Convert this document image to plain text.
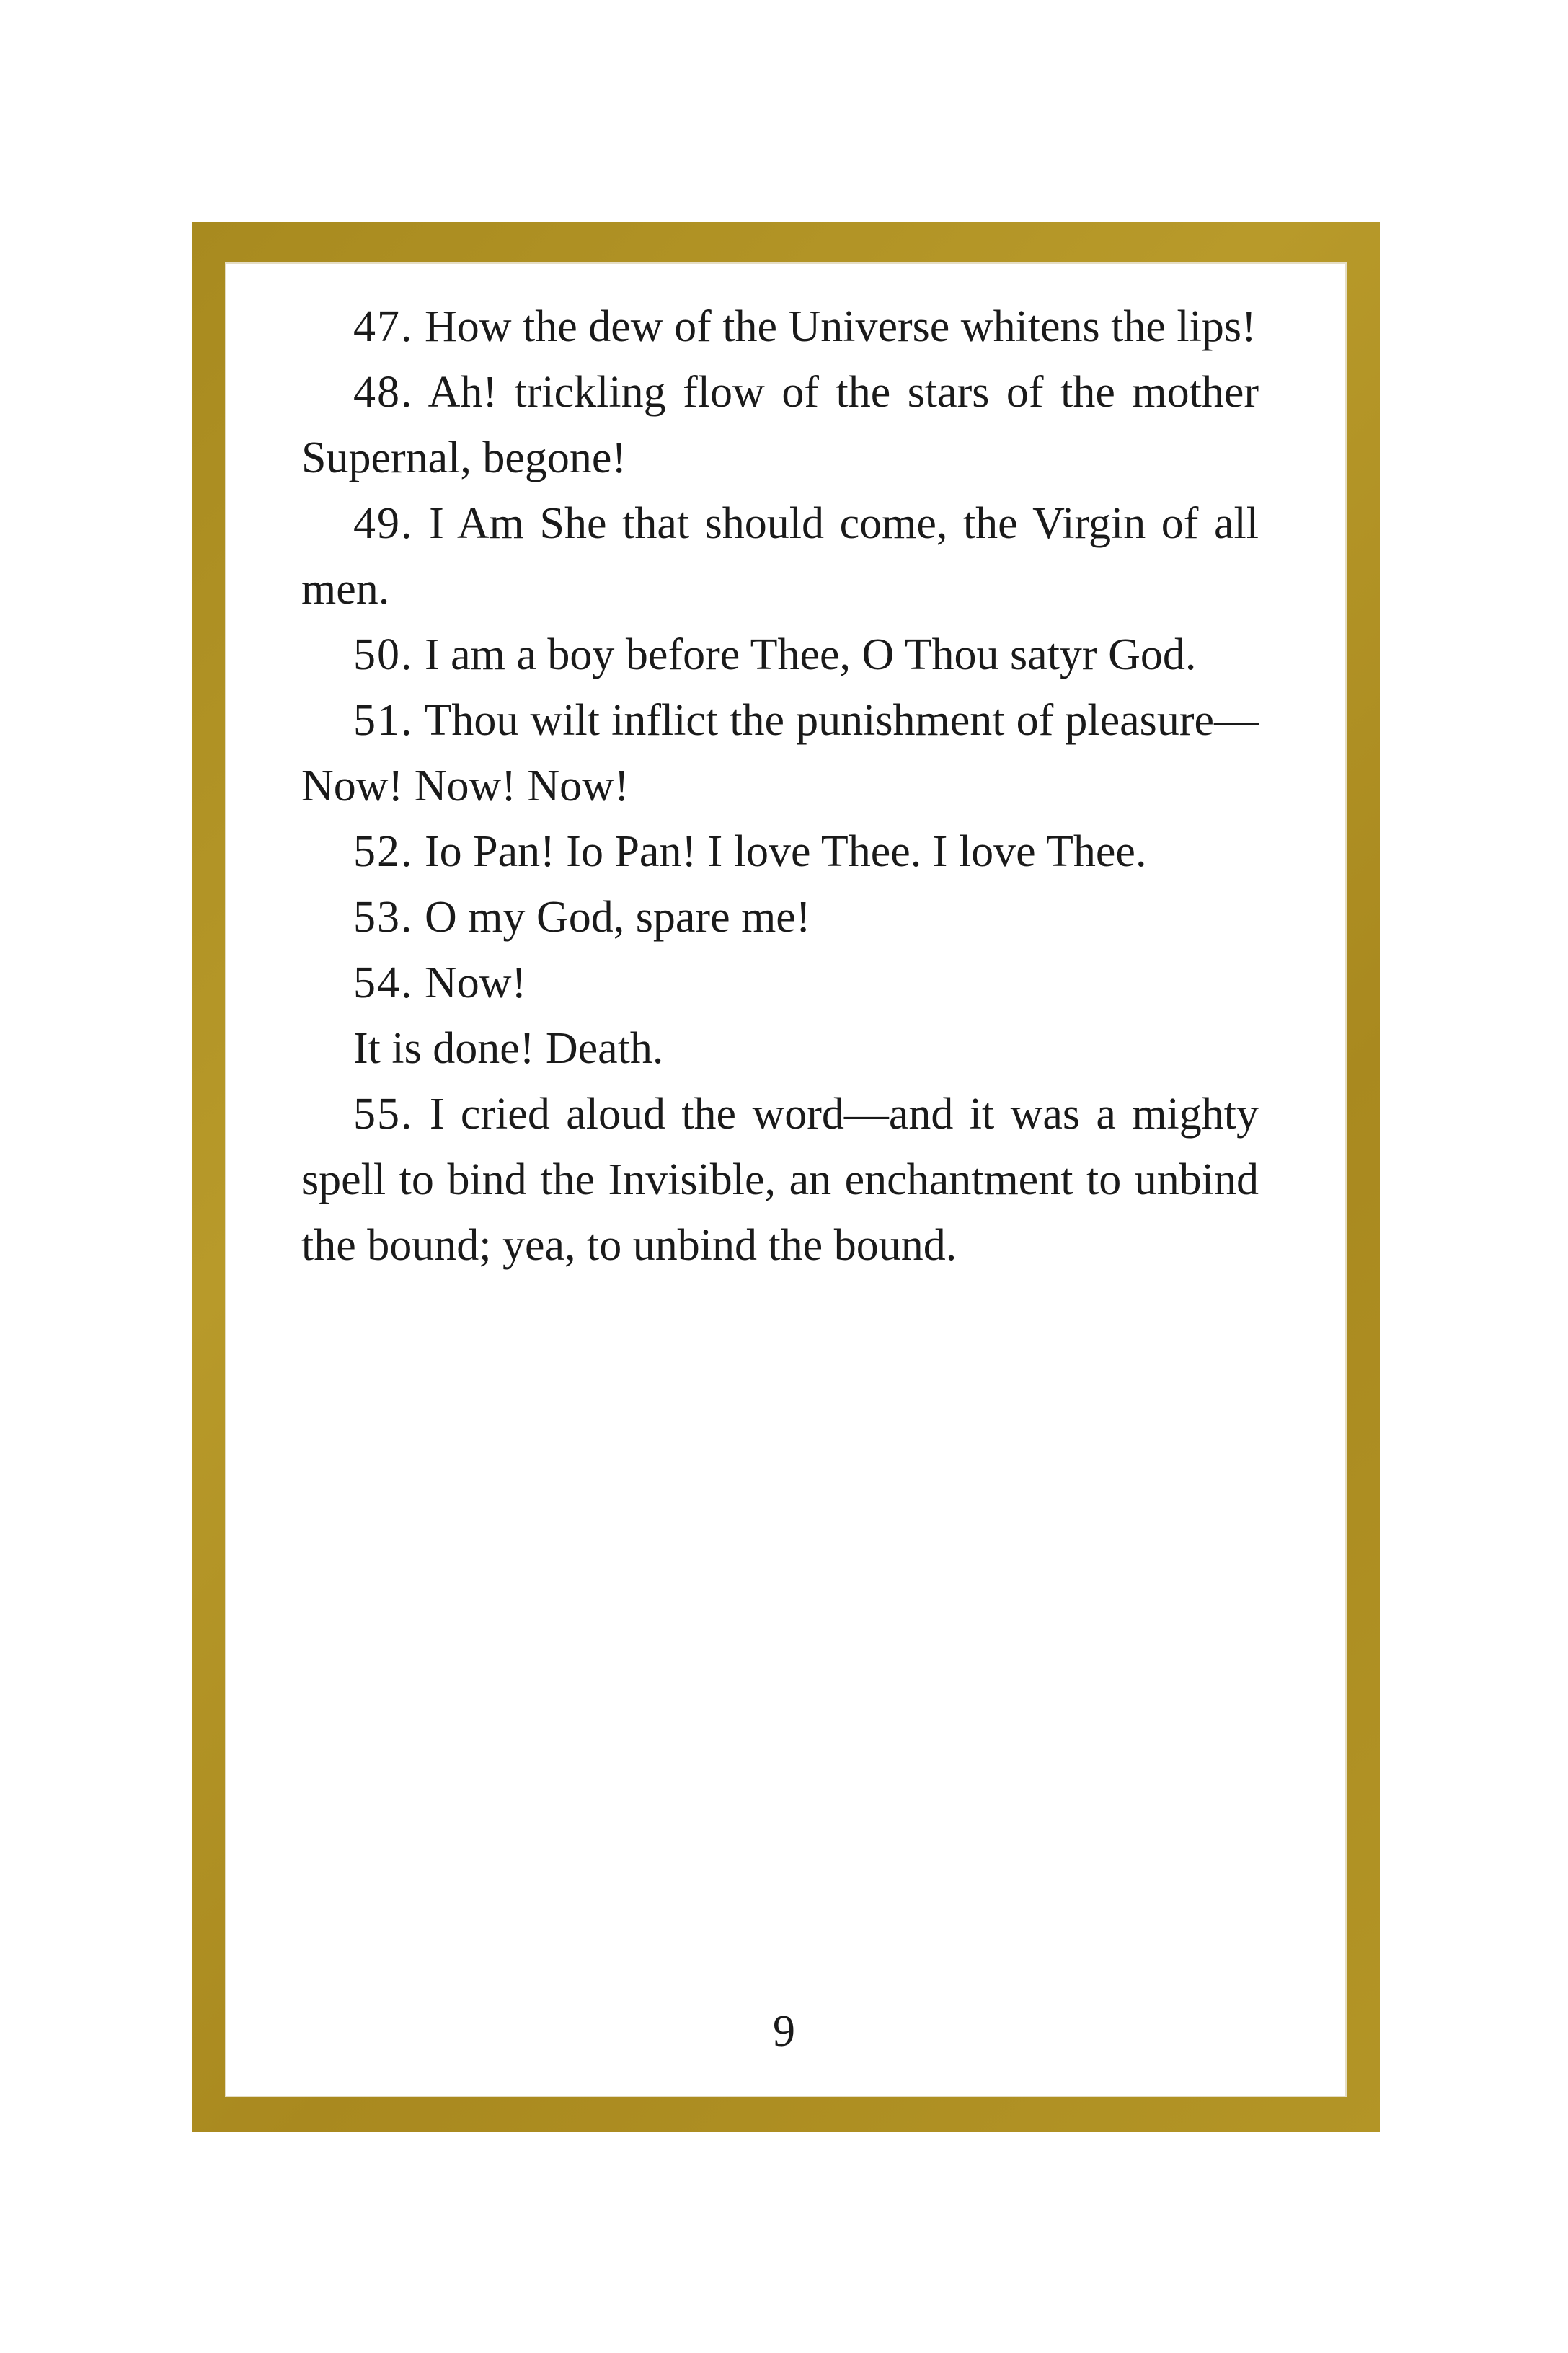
47. How the dew of the Universe whitens the lips!

48. Ah! trickling flow of the stars of the mother Supernal, begone!

49. I Am She that should come, the Virgin of all men.

50. I am a boy before Thee, O Thou satyr God.

51. Thou wilt inflict the punishment of pleasure—Now! Now! Now!

52. Io Pan! Io Pan! I love Thee. I love Thee.

53. O my God, spare me!

54. Now!

It is done! Death.

55. I cried aloud the word—and it was a mighty spell to bind the Invisible, an enchantment to unbind the bound; yea, to unbind the bound.

9
